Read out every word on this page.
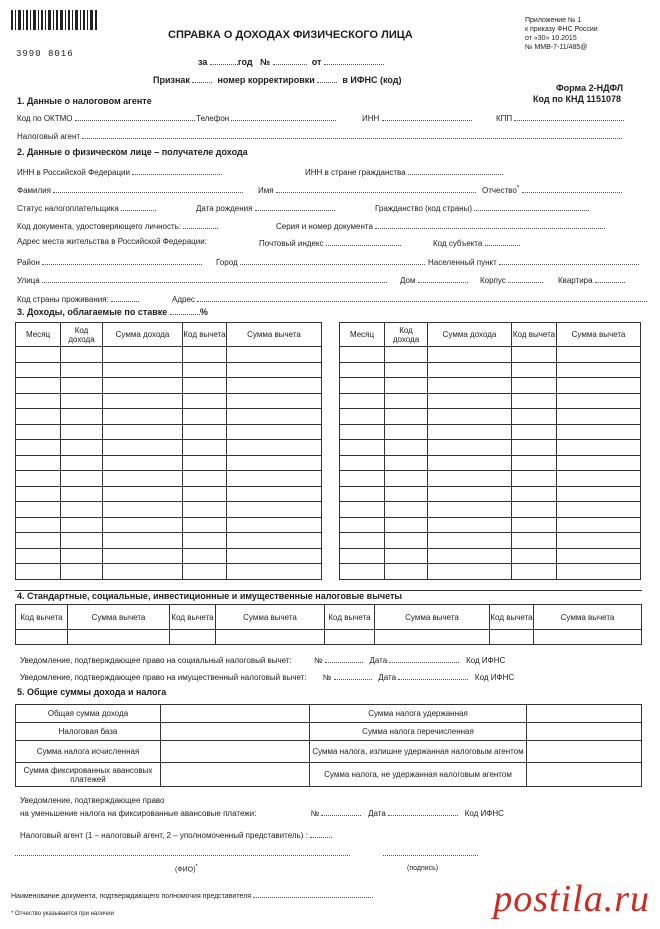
3990 8016
СПРАВКА О ДОХОДАХ ФИЗИЧЕСКОГО ЛИЦА
Приложение № 1
к приказу ФНС России
от «30» 10.2015
№ ММВ-7-11/485@
за	год №	от
Признак	номер корректировки	в ИФНС (код)
Форма 2-НДФЛ
Код по КНД 1151078
1. Данные о налоговом агенте
Код по ОКТМО	Телефон	ИНН	КПП
Налоговый агент
2. Данные о физическом лице – получателе дохода
ИНН в Российской Федерации	ИНН в стране гражданства
Фамилия	Имя	Отчество*
Статус налогоплательщика	Дата рождения	Гражданство (код страны)
Код документа, удостоверяющего личность:	Серия и номер документа
Адрес места жительства в Российской Федерации:	Почтовый индекс	Код субъекта
Район	Город	Населенный пункт
Улица	Дом	Корпус	Квартира
Код страны проживания:	Адрес
3. Доходы, облагаемые по ставке	%
Месяц	Код дохода	Сумма дохода	Код вычета	Сумма вычета

					Месяц	Код дохода	Сумма дохода	Код вычета	Сумма вычета

4. Стандартные, социальные, инвестиционные и имущественные налоговые вычеты
Код вычета	Сумма вычета	Код вычета	Сумма вычета	Код вычета	Сумма вычета	Код вычета	Сумма вычета

Уведомление, подтверждающее право на социальный налоговый вычет:	№	Дата	Код ИФНС
Уведомление, подтверждающее право на имущественный налоговый вычет: №	Дата	Код ИФНС
5. Общие суммы дохода и налога
Общая сумма дохода		Сумма налога удержанная	
Налоговая база		Сумма налога перечисленная	
Сумма налога исчисленная		Сумма налога, излишне удержанная налоговым агентом	
Сумма фиксированных авансовых платежей		Сумма налога, не удержанная налоговым агентом	
Уведомление, подтверждающее право
на уменьшение налога на фиксированные авансовые платежи:	№	Дата	Код ИФНС
Налоговый агент (1 – налоговый агент, 2 – уполномоченный представитель) :
(ФИО)*	(подпись)
Наименование документа, подтверждающего полномочия представителя
* Отчество указывается при наличии	postila.ru
